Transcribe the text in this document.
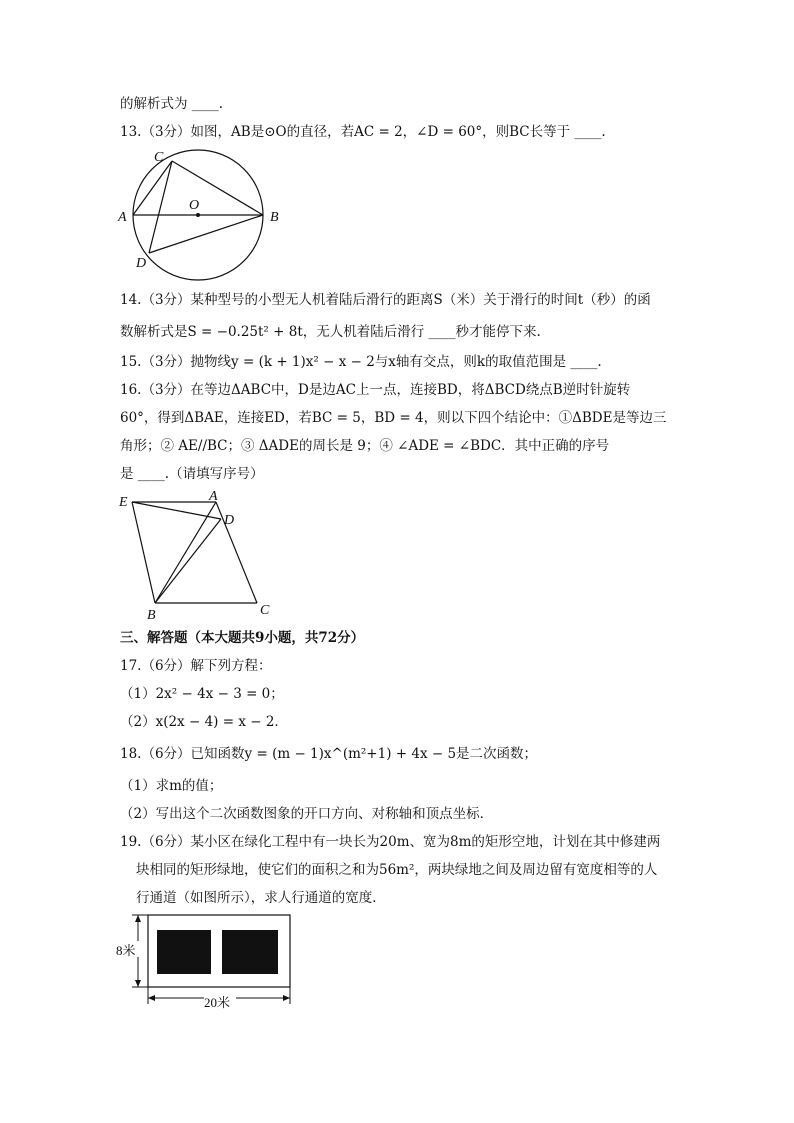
的解析式为 ____.
13.（3分）如图，AB是⊙O的直径，若AC = 2，∠D = 60°，则BC长等于 ____.
C
A
O
B
D
14.（3分）某种型号的小型无人机着陆后滑行的距离S（米）关于滑行的时间t（秒）的函
数解析式是S = −0.25t² + 8t，无人机着陆后滑行 ____秒才能停下来.
15.（3分）抛物线y = (k + 1)x² − x − 2与x轴有交点，则k的取值范围是 ____.
16.（3分）在等边ΔABC中，D是边AC上一点，连接BD，将ΔBCD绕点B逆时针旋转
60°，得到ΔBAE，连接ED，若BC = 5，BD = 4，则以下四个结论中：①ΔBDE是等边三
角形；② AE//BC；③ ΔADE的周长是 9；④ ∠ADE = ∠BDC．其中正确的序号
是 ____.（请填写序号）
E	A
D
B	C
三、解答题（本大题共9小题，共72分）
17.（6分）解下列方程：
（1）2x² − 4x − 3 = 0；
（2）x(2x − 4) = x − 2．
18.（6分）已知函数y = (m − 1)x^(m²+1) + 4x − 5是二次函数；
（1）求m的值；
（2）写出这个二次函数图象的开口方向、对称轴和顶点坐标．
19.（6分）某小区在绿化工程中有一块长为20m、宽为8m的矩形空地，计划在其中修建两
块相同的矩形绿地，使它们的面积之和为56m²，两块绿地之间及周边留有宽度相等的人
行通道（如图所示），求人行通道的宽度．
8米
20米
